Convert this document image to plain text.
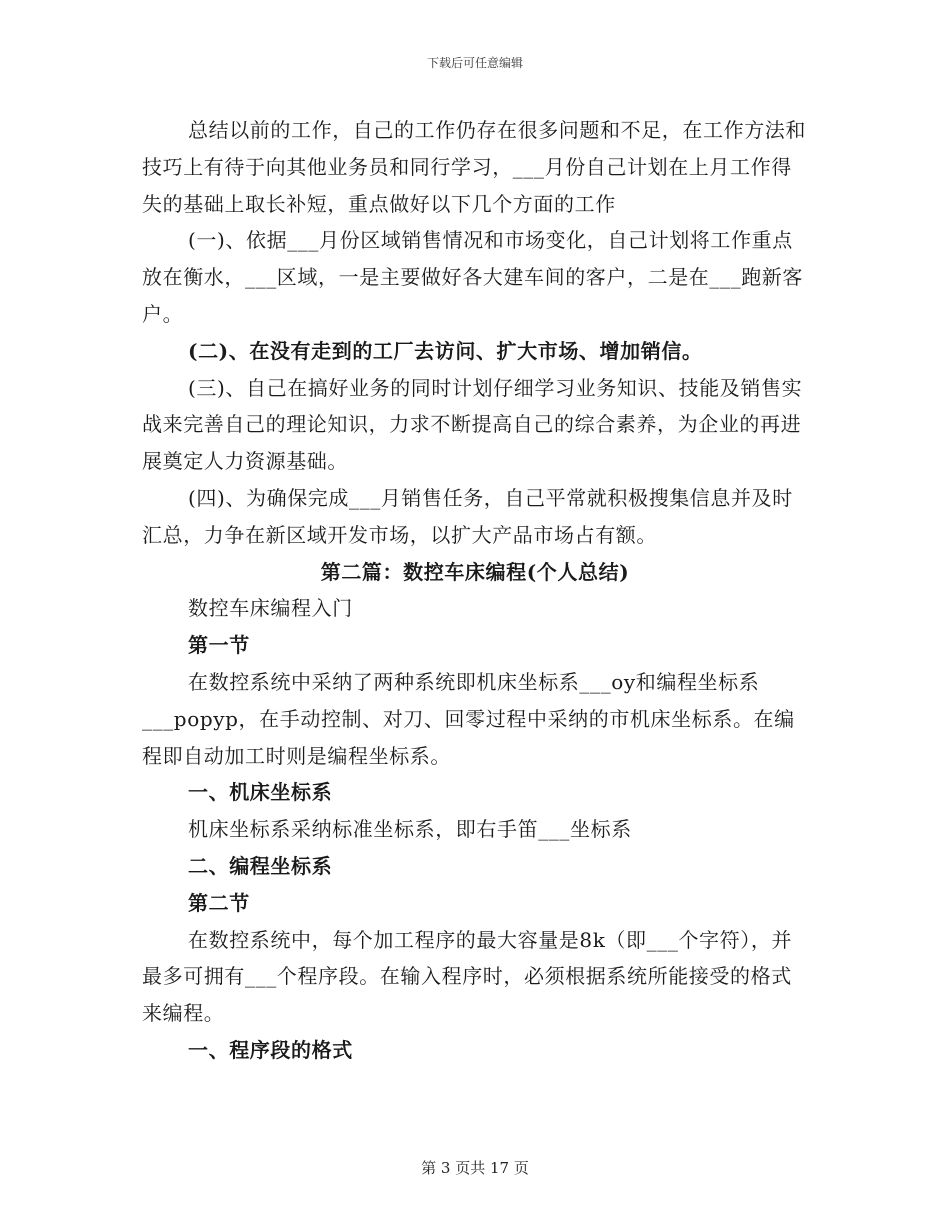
下载后可任意编辑

总结以前的工作，自己的工作仍存在很多问题和不足，在工作方法和技巧上有待于向其他业务员和同行学习，___月份自己计划在上月工作得失的基础上取长补短，重点做好以下几个方面的工作

(一)、依据___月份区域销售情况和市场变化，自己计划将工作重点放在衡水，___区域，一是主要做好各大建车间的客户，二是在___跑新客户。

(二)、在没有走到的工厂去访问、扩大市场、增加销信。

(三)、自己在搞好业务的同时计划仔细学习业务知识、技能及销售实战来完善自己的理论知识，力求不断提高自己的综合素养，为企业的再进展奠定人力资源基础。

(四)、为确保完成___月销售任务，自己平常就积极搜集信息并及时汇总，力争在新区域开发市场，以扩大产品市场占有额。

第二篇：数控车床编程(个人总结)

数控车床编程入门

第一节

在数控系统中采纳了两种系统即机床坐标系___oy和编程坐标系___popyp，在手动控制、对刀、回零过程中采纳的市机床坐标系。在编程即自动加工时则是编程坐标系。

一、机床坐标系

机床坐标系采纳标准坐标系，即右手笛___坐标系

二、编程坐标系

第二节

在数控系统中，每个加工程序的最大容量是8k（即___个字符），并最多可拥有___个程序段。在输入程序时，必须根据系统所能接受的格式来编程。

一、程序段的格式

第 3 页共 17 页
